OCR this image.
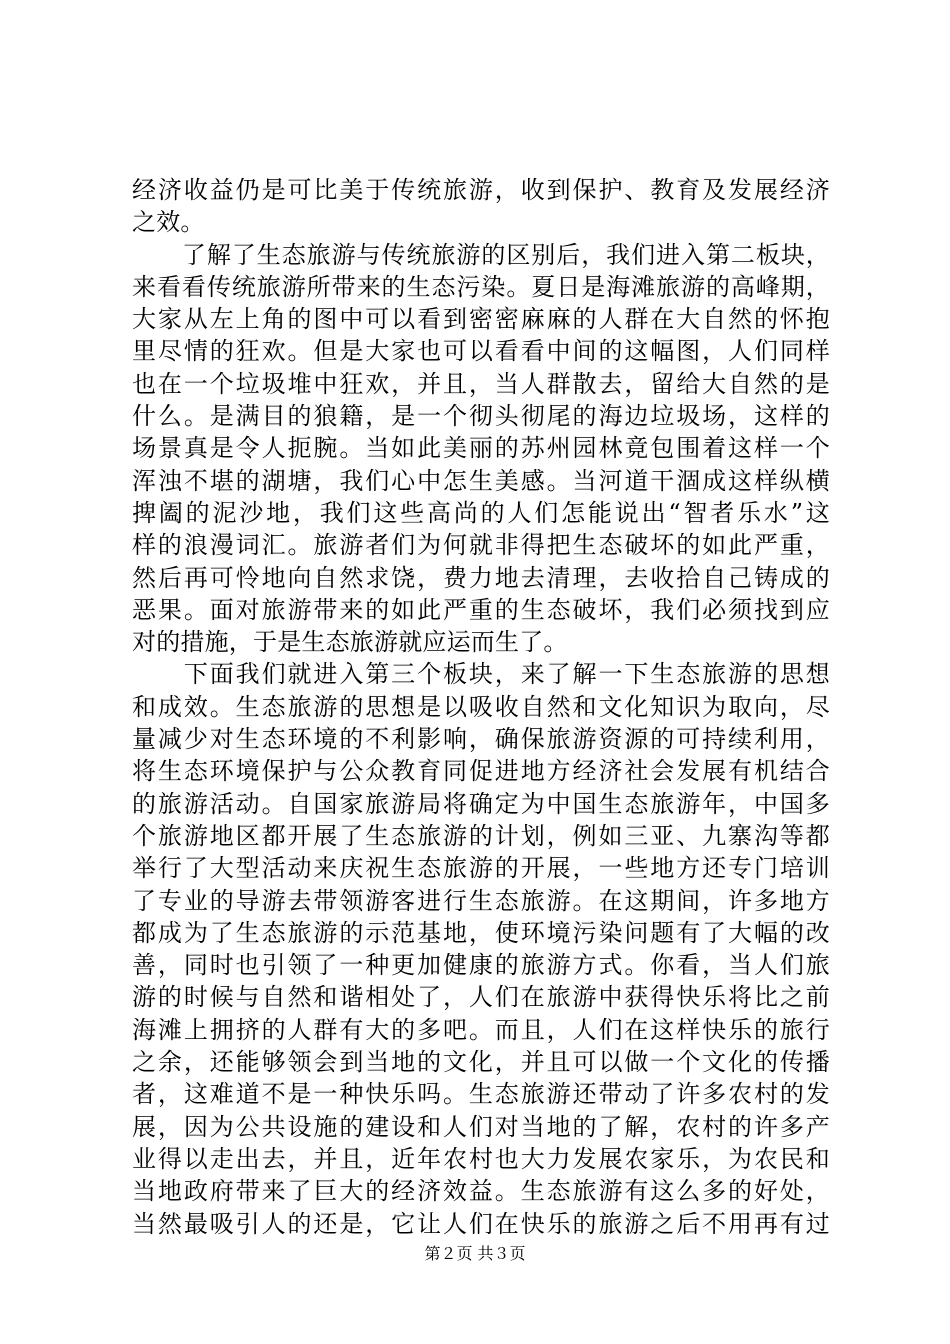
经济收益仍是可比美于传统旅游，收到保护、教育及发展经济
之效。
　　了解了生态旅游与传统旅游的区别后，我们进入第二板块，
来看看传统旅游所带来的生态污染。夏日是海滩旅游的高峰期，
大家从左上角的图中可以看到密密麻麻的人群在大自然的怀抱
里尽情的狂欢。但是大家也可以看看中间的这幅图，人们同样
也在一个垃圾堆中狂欢，并且，当人群散去，留给大自然的是
什么。是满目的狼籍，是一个彻头彻尾的海边垃圾场，这样的
场景真是令人扼腕。当如此美丽的苏州园林竟包围着这样一个
浑浊不堪的湖塘，我们心中怎生美感。当河道干涸成这样纵横
捭阖的泥沙地，我们这些高尚的人们怎能说出“智者乐水”这
样的浪漫词汇。旅游者们为何就非得把生态破坏的如此严重，
然后再可怜地向自然求饶，费力地去清理，去收拾自己铸成的
恶果。面对旅游带来的如此严重的生态破坏，我们必须找到应
对的措施，于是生态旅游就应运而生了。
　　下面我们就进入第三个板块，来了解一下生态旅游的思想
和成效。生态旅游的思想是以吸收自然和文化知识为取向，尽
量减少对生态环境的不利影响，确保旅游资源的可持续利用，
将生态环境保护与公众教育同促进地方经济社会发展有机结合
的旅游活动。自国家旅游局将确定为中国生态旅游年，中国多
个旅游地区都开展了生态旅游的计划，例如三亚、九寨沟等都
举行了大型活动来庆祝生态旅游的开展，一些地方还专门培训
了专业的导游去带领游客进行生态旅游。在这期间，许多地方
都成为了生态旅游的示范基地，使环境污染问题有了大幅的改
善，同时也引领了一种更加健康的旅游方式。你看，当人们旅
游的时候与自然和谐相处了，人们在旅游中获得快乐将比之前
海滩上拥挤的人群有大的多吧。而且，人们在这样快乐的旅行
之余，还能够领会到当地的文化，并且可以做一个文化的传播
者，这难道不是一种快乐吗。生态旅游还带动了许多农村的发
展，因为公共设施的建设和人们对当地的了解，农村的许多产
业得以走出去，并且，近年农村也大力发展农家乐，为农民和
当地政府带来了巨大的经济效益。生态旅游有这么多的好处，
当然最吸引人的还是，它让人们在快乐的旅游之后不用再有过
第２页 共３页
